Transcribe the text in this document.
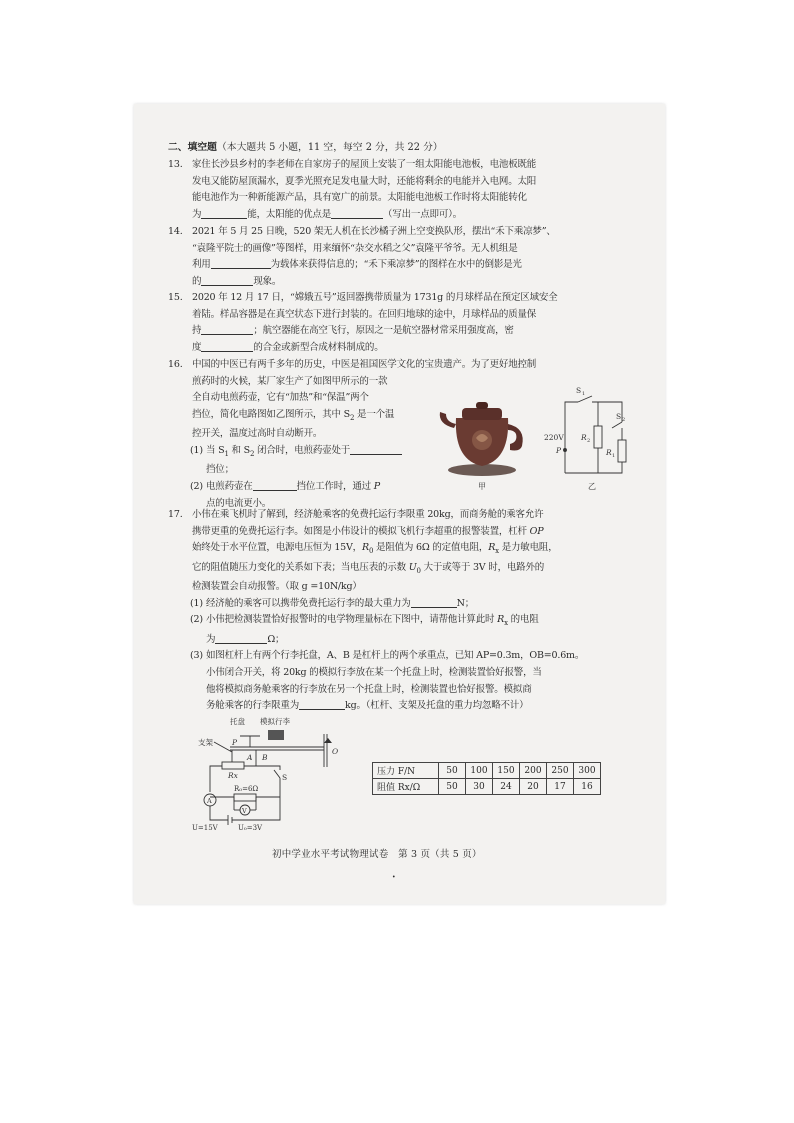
二、填空题（本大题共 5 小题，11 空，每空 2 分，共 22 分）
13. 家住长沙县乡村的李老师在自家房子的屋顶上安装了一组太阳能电池板，电池板既能
发电又能防屋顶漏水，夏季光照充足发电量大时，还能将剩余的电能并入电网。太阳
能电池作为一种新能源产品，具有宽广的前景。太阳能电池板工作时将太阳能转化
为	能，太阳能的优点是	（写出一点即可）。
14. 2021 年 5 月 25 日晚，520 架无人机在长沙橘子洲上空变换队形，摆出“禾下乘凉梦”、
“袁隆平院士的画像”等图样，用来缅怀“杂交水稻之父”袁隆平爷爷。无人机组是
利用	为载体来获得信息的；“禾下乘凉梦”的图样在水中的倒影是光
的	现象。
15. 2020 年 12 月 17 日，“嫦娥五号”返回器携带质量为 1731g 的月球样品在预定区域安全
着陆。样品容器是在真空状态下进行封装的。在回归地球的途中，月球样品的质量保
持	；航空器能在高空飞行，原因之一是航空器材常采用强度高，密
度	的合金或新型合成材料制成的。
16. 中国的中医已有两千多年的历史，中医是祖国医学文化的宝贵遗产。为了更好地控制
煎药时的火候，某厂家生产了如图甲所示的一款
全自动电煎药壶，它有“加热”和“保温”两个
挡位，简化电路图如乙图所示，其中 $S_2$ 是一个温
控开关，温度过高时自动断开。
(1) 当 $S_1$ 和 $S_2$ 闭合时，电煎药壶处于
挡位；
(2) 电煎药壶在	挡位工作时，通过 P
点的电流更小。
甲
S 1
S 2
R 2
R 1
220V
P
乙
17. 小伟在乘飞机时了解到，经济舱乘客的免费托运行李限重 20kg，而商务舱的乘客允许
携带更重的免费托运行李。如图是小伟设计的模拟飞机行李超重的报警装置，杠杆 OP
始终处于水平位置，电源电压恒为 15V，$R_0$ 是阻值为 6Ω 的定值电阻，$R_x$ 是力敏电阻，
它的阻值随压力变化的关系如下表；当电压表的示数 $U_0$ 大于或等于 3V 时，电路外的
检测装置会自动报警。（取 g =10N/kg）
(1) 经济舱的乘客可以携带免费托运行李的最大重力为	N；
(2) 小伟把检测装置恰好报警时的电学物理量标在下图中，请帮他计算此时 $R_x$ 的电阻
为	Ω；
(3) 如图杠杆上有两个行李托盘，A、B 是杠杆上的两个承重点，已知 AP=0.3m，OB=0.6m。
小伟闭合开关，将 20kg 的模拟行李放在某一个托盘上时，检测装置恰好报警，当
他将模拟商务舱乘客的行李放在另一个托盘上时，检测装置也恰好报警。模拟商
务舱乘客的行李限重为	kg。（杠杆、支架及托盘的重力均忽略不计）
托盘 模拟行李
支架	P
A B
O
Rx	S
A
R₀=6Ω
V
U=15V	U₀=3V
压力 F/N	50	100	150	200	250	300
阻值 Rx/Ω	50	30	24	20	17	16
初中学业水平考试物理试卷　第 3 页（共 5 页）
•
